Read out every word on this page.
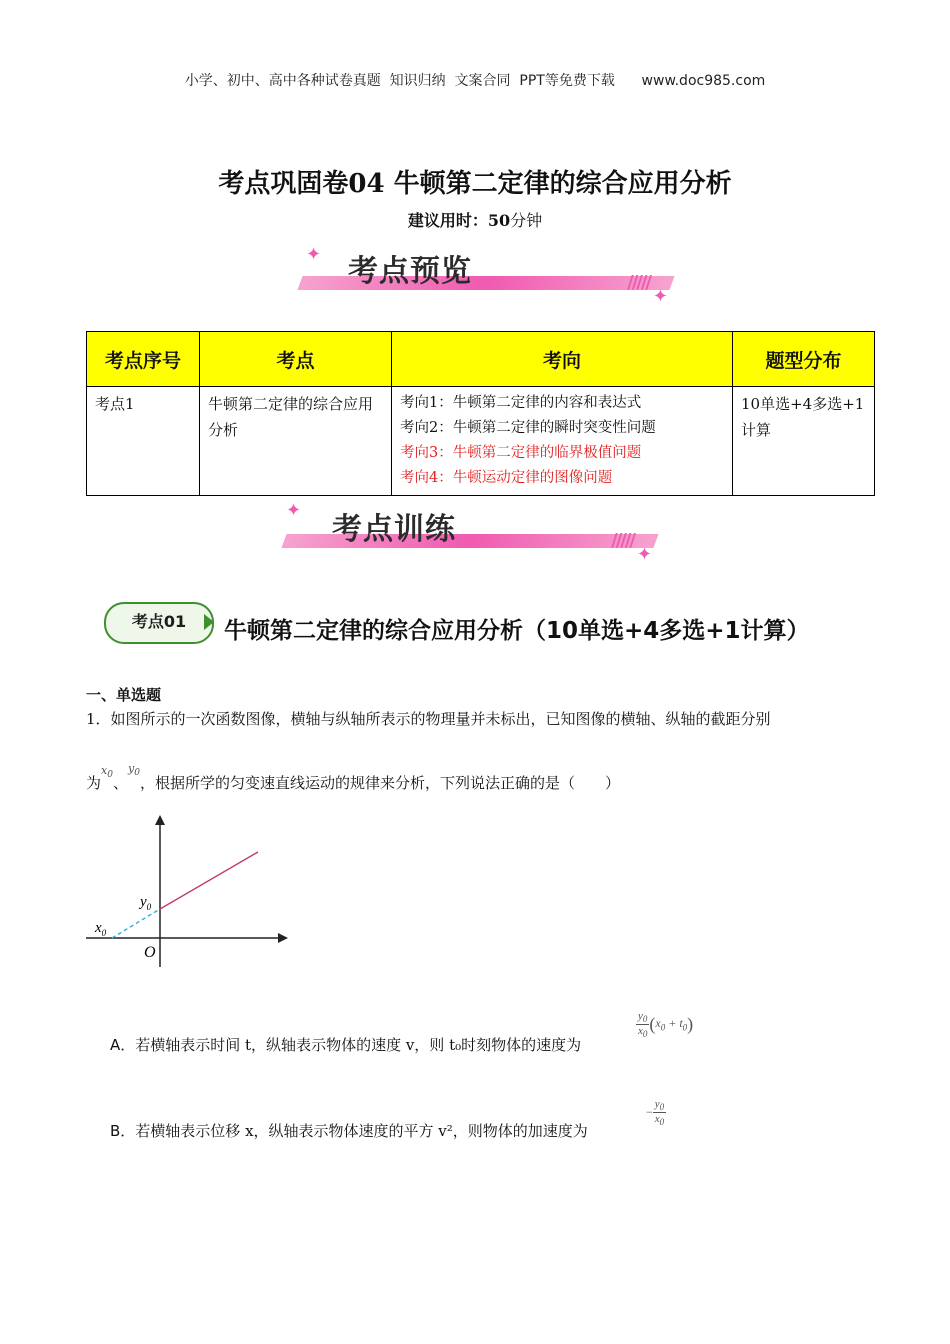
小学、初中、高中各种试卷真题  知识归纳  文案合同  PPT等免费下载      www.doc985.com
考点巩固卷04 牛顿第二定律的综合应用分析
建议用时：50分钟
✦
/////
✦
考点预览
考点序号	考点	考向	题型分布
考点1	牛顿第二定律的综合应用分析	考向1：牛顿第二定律的内容和表达式
考向2：牛顿第二定律的瞬时突变性问题
考向3：牛顿第二定律的临界极值问题
考向4：牛顿运动定律的图像问题	10单选+4多选+1计算
✦
/////
✦
考点训练
考点01	牛顿第二定律的综合应用分析（10单选+4多选+1计算）
一、单选题
1．如图所示的一次函数图像，横轴与纵轴所表示的物理量并未标出，已知图像的横轴、纵轴的截距分别
为$x_0$、$y_0$，根据所学的匀变速直线运动的规律来分析，下列说法正确的是（　　）
$y_0$
$x_0$
O
A．若横轴表示时间 t，纵轴表示物体的速度 v，则 t₀时刻物体的速度为
$\frac{y_0}{x_0} (x_0 + t_0)$
B．若横轴表示位移 x，纵轴表示物体速度的平方 v²，则物体的加速度为
− $\frac{y_0}{x_0}$
